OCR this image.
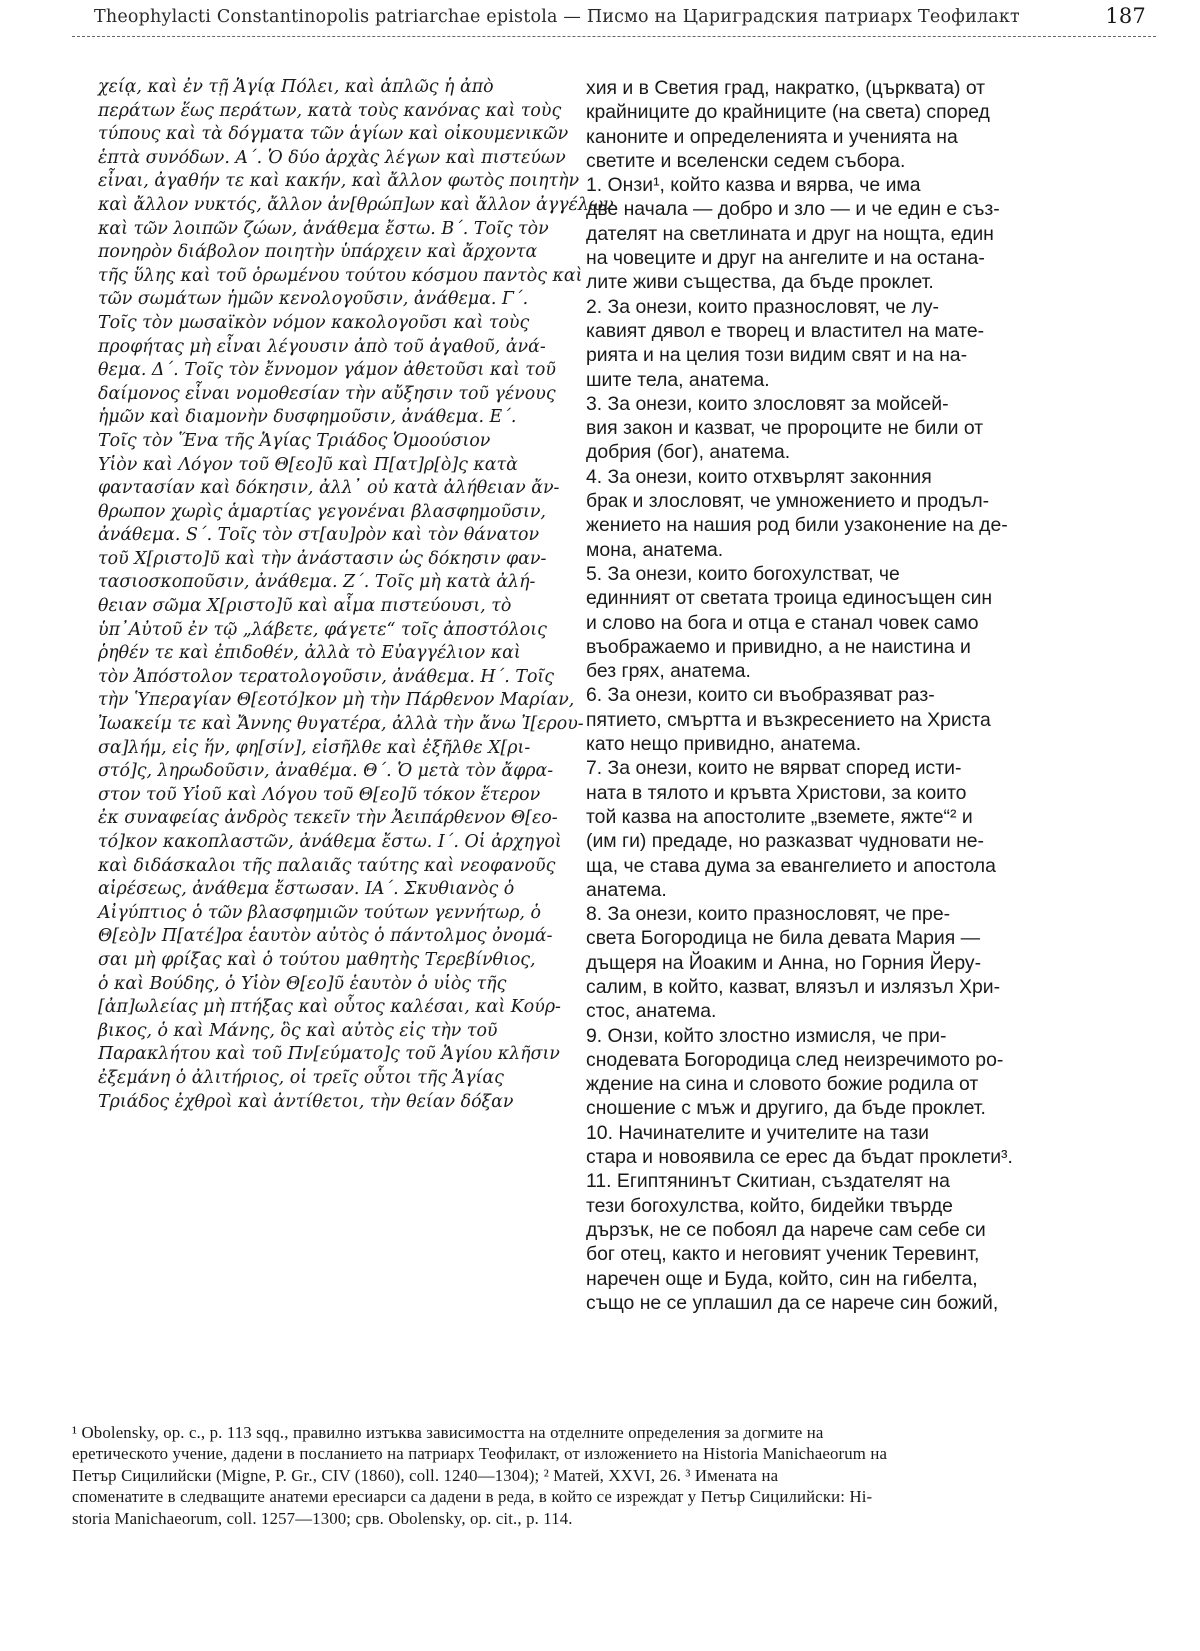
Theophylacti Constantinopolis patriarchae epistola — Писмо на Цариградския патриарх Теофилакт	187
χείᾳ, καὶ ἐν τῇ Ἁγίᾳ Πόλει, καὶ ἁπλῶς ἡ ἀπὸ
περάτων ἕως περάτων, κατὰ τοὺς κανόνας καὶ τοὺς
τύπους καὶ τὰ δόγματα τῶν ἁγίων καὶ οἰκουμενικῶν
ἑπτὰ συνόδων. Α΄. Ὁ δύο ἀρχὰς λέγων καὶ πιστεύων
εἶναι, ἀγαθήν τε καὶ κακήν, καὶ ἄλλον φωτὸς ποιητὴν
καὶ ἄλλον νυκτός, ἄλλον ἀν[θρώπ]ων καὶ ἄλλον ἀγγέλων
καὶ τῶν λοιπῶν ζώων, ἀνάθεμα ἔστω. Β΄. Τοῖς τὸν
πονηρὸν διάβολον ποιητὴν ὑπάρχειν καὶ ἄρχοντα
τῆς ὕλης καὶ τοῦ ὁρωμένου τούτου κόσμου παντὸς καὶ
τῶν σωμάτων ἡμῶν κενολογοῦσιν, ἀνάθεμα. Γ΄.
Τοῖς τὸν μωσαϊκὸν νόμον κακολογοῦσι καὶ τοὺς
προφήτας μὴ εἶναι λέγουσιν ἀπὸ τοῦ ἀγαθοῦ, ἀνά-
θεμα. Δ΄. Τοῖς τὸν ἔννομον γάμον ἀθετοῦσι καὶ τοῦ
δαίμονος εἶναι νομοθεσίαν τὴν αὔξησιν τοῦ γένους
ἡμῶν καὶ διαμονὴν δυσφημοῦσιν, ἀνάθεμα. Ε΄.
Τοῖς τὸν Ἕνα τῆς Ἁγίας Τριάδος Ὁμοούσιον
Υἱὸν καὶ Λόγον τοῦ Θ[εο]ῦ καὶ Π[ατ]ρ[ὸ]ς κατὰ
φαντασίαν καὶ δόκησιν, ἀλλ᾽ οὐ κατὰ ἀλήθειαν ἄν-
θρωπον χωρὶς ἁμαρτίας γεγονέναι βλασφημοῦσιν,
ἀνάθεμα. S΄. Τοῖς τὸν στ[αυ]ρὸν καὶ τὸν θάνατον
τοῦ Χ[ριστο]ῦ καὶ τὴν ἀνάστασιν ὡς δόκησιν φαν-
τασιοσκοποῦσιν, ἀνάθεμα. Ζ΄. Τοῖς μὴ κατὰ ἀλή-
θειαν σῶμα Χ[ριστο]ῦ καὶ αἷμα πιστεύουσι, τὸ
ὑπ᾽Αὐτοῦ ἐν τῷ „λάβετε, φάγετε“ τοῖς ἀποστόλοις
ῥηθέν τε καὶ ἐπιδοθέν, ἀλλὰ τὸ Εὐαγγέλιον καὶ
τὸν Ἀπόστολον τερατολογοῦσιν, ἀνάθεμα. Η΄. Τοῖς
τὴν Ὑπεραγίαν Θ[εοτό]κον μὴ τὴν Πάρθενον Μαρίαν,
Ἰωακείμ τε καὶ Ἄννης θυγατέρα, ἀλλὰ τὴν ἄνω Ἰ[ερου-
σα]λήμ, εἰς ἥν, φη[σίν], εἰσῆλθε καὶ ἐξῆλθε Χ[ρι-
στό]ς, ληρωδοῦσιν, ἀναθέμα. Θ΄. Ὁ μετὰ τὸν ἄφρα-
στον τοῦ Υἱοῦ καὶ Λόγου τοῦ Θ[εο]ῦ τόκον ἕτερον
ἐκ συναφείας ἀνδρὸς τεκεῖν τὴν Ἀειπάρθενον Θ[εο-
τό]κον κακοπλαστῶν, ἀνάθεμα ἔστω. Ι΄. Οἱ ἀρχηγοὶ
καὶ διδάσκαλοι τῆς παλαιᾶς ταύτης καὶ νεοφανοῦς
αἱρέσεως, ἀνάθεμα ἔστωσαν. ΙΑ΄. Σκυθιανὸς ὁ
Αἰγύπτιος ὁ τῶν βλασφημιῶν τούτων γεννήτωρ, ὁ
Θ[εὸ]ν Π[ατέ]ρα ἑαυτὸν αὐτὸς ὁ πάντολμος ὀνομά-
σαι μὴ φρίξας καὶ ὁ τούτου μαθητὴς Τερεβίνθιος,
ὁ καὶ Βούδης, ὁ Υἱὸν Θ[εο]ῦ ἑαυτὸν ὁ υἱὸς τῆς
[ἀπ]ωλείας μὴ πτήξας καὶ οὗτος καλέσαι, καὶ Κούρ-
βικος, ὁ καὶ Μάνης, ὃς καὶ αὐτὸς εἰς τὴν τοῦ
Παρακλήτου καὶ τοῦ Πν[εύματο]ς τοῦ Ἁγίου κλῆσιν
ἐξεμάνη ὁ ἀλιτήριος, οἱ τρεῖς οὗτοι τῆς Ἁγίας
Τριάδος ἐχθροὶ καὶ ἀντίθετοι, τὴν θείαν δόξαν
хия и в Светия град, накратко, (църквата) от
крайниците до крайниците (на света) според
каноните и определенията и ученията на
светите и вселенски седем събора.
1. Онзи¹, който казва и вярва, че има
две начала — добро и зло — и че един е съз-
дателят на светлината и друг на нощта, един
на човеците и друг на ангелите и на остана-
лите живи същества, да бъде проклет.
2. За онези, които празнословят, че лу-
кавият дявол е творец и властител на мате-
рията и на целия този видим свят и на на-
шите тела, анатема.
3. За онези, които злословят за мойсей-
вия закон и казват, че пророците не били от
добрия (бог), анатема.
4. За онези, които отхвърлят законния
брак и злословят, че умножението и продъл-
жението на нашия род били узаконение на де-
мона, анатема.
5. За онези, които богохулстват, че
единният от светата троица единосъщен син
и слово на бога и отца е станал човек само
въображаемо и привидно, а не наистина и
без грях, анатема.
6. За онези, които си въобразяват раз-
пятието, смъртта и възкресението на Христа
като нещо привидно, анатема.
7. За онези, които не вярват според исти-
ната в тялото и кръвта Христови, за които
той казва на апостолите „вземете, яжте“² и
(им ги) предаде, но разказват чудновати не-
ща, че става дума за евангелието и апостола
анатема.
8. За онези, които празнословят, че пре-
света Богородица не била девата Мария —
дъщеря на Йоаким и Анна, но Горния Йеру-
салим, в който, казват, влязъл и излязъл Хри-
стос, анатема.
9. Онзи, който злостно измисля, че при-
снодевата Богородица след неизречимото ро-
ждение на сина и словото божие родила от
сношение с мъж и другиго, да бъде проклет.
10. Начинателите и учителите на тази
стара и новоявила се ерес да бъдат проклети³.
11. Египтянинът Скитиан, създателят на
тези богохулства, който, бидейки твърде
дързък, не се побоял да нарече сам себе си
бог отец, както и неговият ученик Теревинт,
наречен още и Буда, който, син на гибелта,
също не се уплашил да се нарече син божий,
¹ Obolensky, op. c., p. 113 sqq., правилно изтъква зависимостта на отделните определения за догмите на
еретическото учение, дадени в посланието на патриарх Теофилакт, от изложението на Historia Manichaeorum на
Петър Сицилийски (Migne, P. Gr., CIV (1860), coll. 1240—1304); ² Матей, XXVI, 26. ³ Имената на
споменатите в следващите анатеми ересиарси са дадени в реда, в който се изреждат у Петър Сицилийски: Hi-
storia Manichaeorum, coll. 1257—1300; срв. Obolensky, op. cit., p. 114.
